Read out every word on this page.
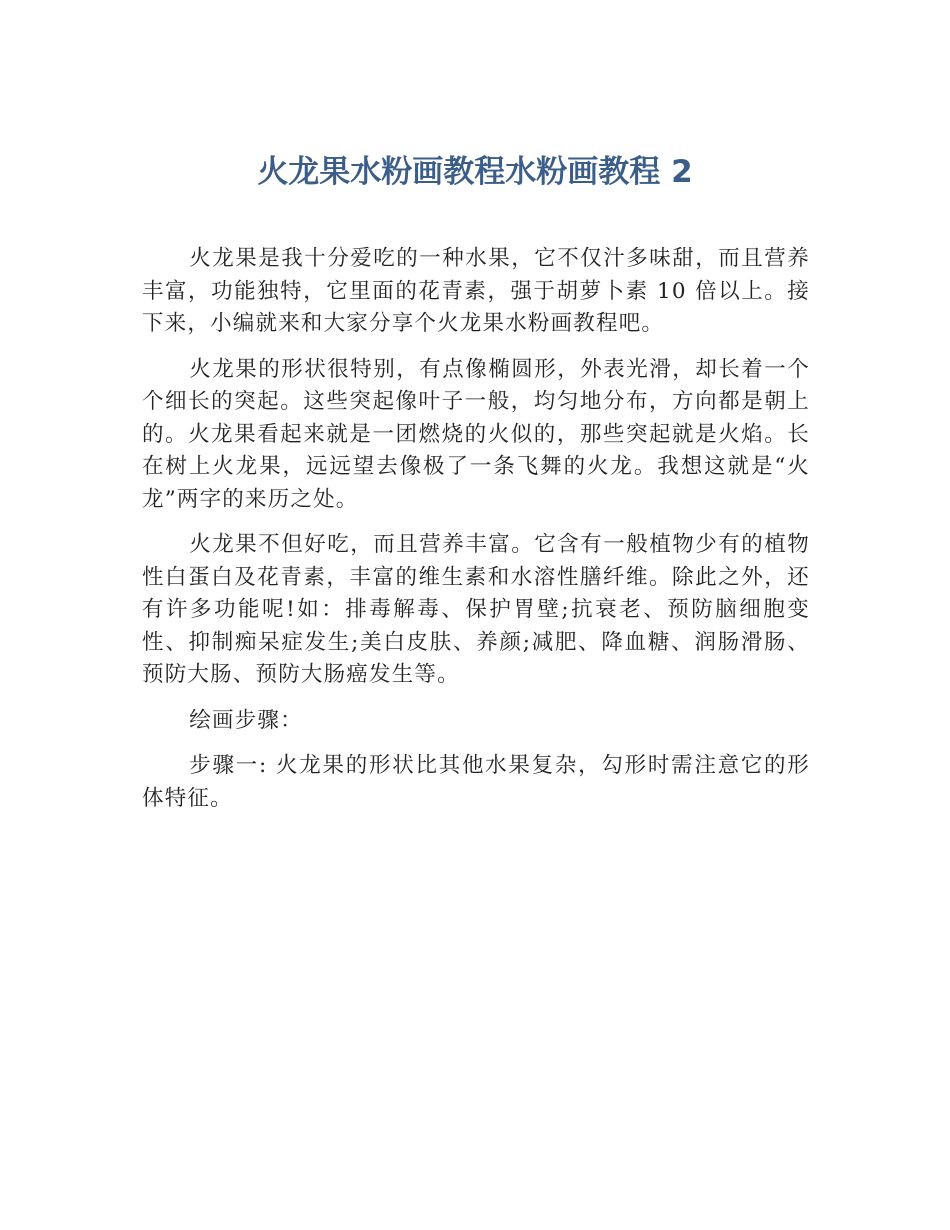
火龙果水粉画教程水粉画教程 2

火龙果是我十分爱吃的一种水果，它不仅汁多味甜，而且营养丰富，功能独特，它里面的花青素，强于胡萝卜素 10 倍以上。接下来，小编就来和大家分享个火龙果水粉画教程吧。

火龙果的形状很特别，有点像椭圆形，外表光滑，却长着一个个细长的突起。这些突起像叶子一般，均匀地分布，方向都是朝上的。火龙果看起来就是一团燃烧的火似的，那些突起就是火焰。长在树上火龙果，远远望去像极了一条飞舞的火龙。我想这就是“火龙”两字的来历之处。

火龙果不但好吃，而且营养丰富。它含有一般植物少有的植物性白蛋白及花青素，丰富的维生素和水溶性膳纤维。除此之外，还有许多功能呢!如：排毒解毒、保护胃壁;抗衰老、预防脑细胞变性、抑制痴呆症发生;美白皮肤、养颜;减肥、降血糖、润肠滑肠、预防大肠、预防大肠癌发生等。

绘画步骤：

步骤一: 火龙果的形状比其他水果复杂，勾形时需注意它的形体特征。
